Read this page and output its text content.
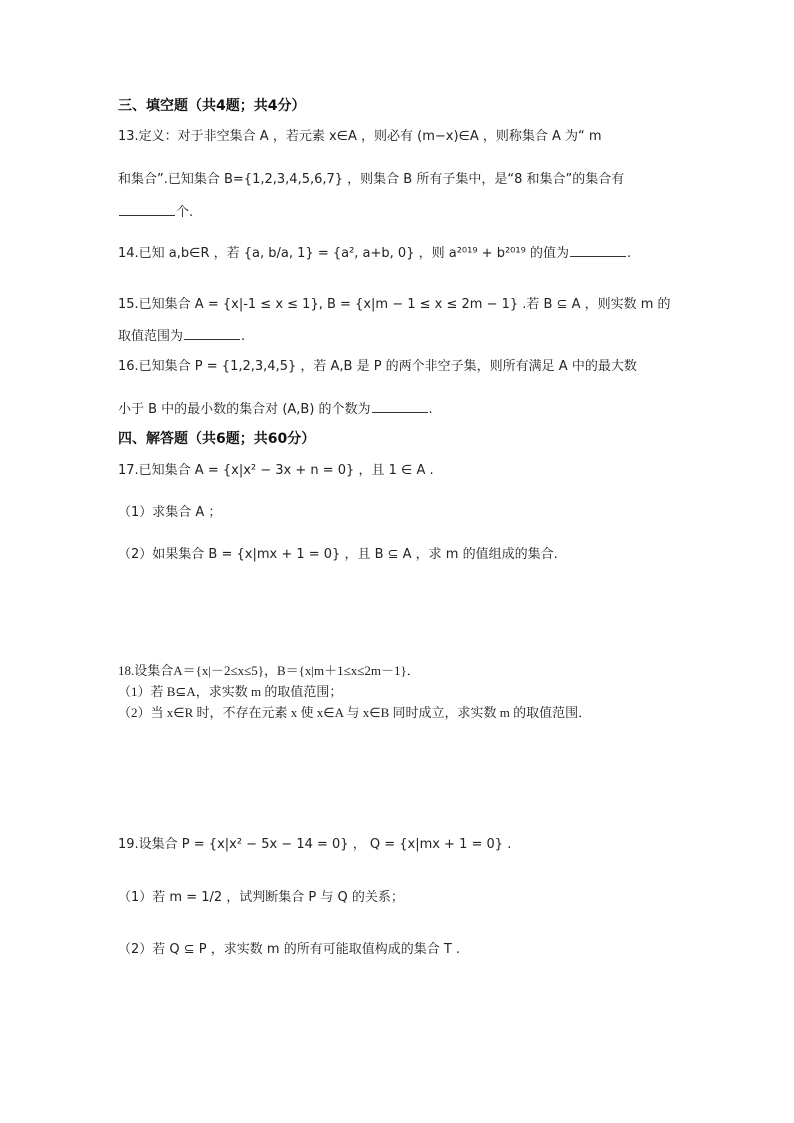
三、填空题（共4题；共4分）
13.定义：对于非空集合 A ，若元素 x∈A ，则必有 (m−x)∈A ，则称集合 A 为“ m
和集合”.已知集合 B={1,2,3,4,5,6,7} ，则集合 B 所有子集中，是“8 和集合”的集合有
个.
14.已知 a,b∈R ，若 {a, b/a, 1} = {a², a+b, 0} ，则 a²⁰¹⁹ + b²⁰¹⁹ 的值为	.
15.已知集合 A = {x|-1 ≤ x ≤ 1}, B = {x|m − 1 ≤ x ≤ 2m − 1} .若 B ⊆ A ，则实数 m 的
取值范围为	.
16.已知集合 P = {1,2,3,4,5} ，若 A,B 是 P 的两个非空子集，则所有满足 A 中的最大数
小于 B 中的最小数的集合对 (A,B) 的个数为	.
四、解答题（共6题；共60分）
17.已知集合 A = {x|x² − 3x + n = 0} ，且 1 ∈ A .
（1）求集合 A ；
（2）如果集合 B = {x|mx + 1 = 0} ，且 B ⊆ A ，求 m 的值组成的集合.
18.设集合A＝{x|－2≤x≤5}，B＝{x|m＋1≤x≤2m－1}．
（1）若 B⊆A，求实数 m 的取值范围；
（2）当 x∈R 时，不存在元素 x 使 x∈A 与 x∈B 同时成立，求实数 m 的取值范围．
19.设集合 P = {x|x² − 5x − 14 = 0} ， Q = {x|mx + 1 = 0} .
（1）若 m = 1/2 ，试判断集合 P 与 Q 的关系；
（2）若 Q ⊆ P ，求实数 m 的所有可能取值构成的集合 T .
